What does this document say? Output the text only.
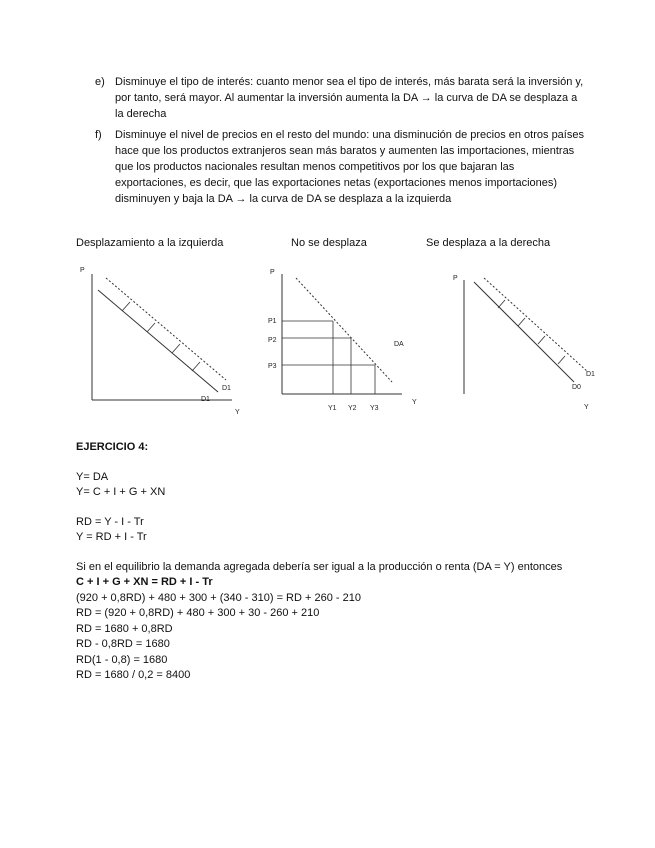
e) Disminuye el tipo de interés: cuanto menor sea el tipo de interés, más barata será la inversión y, por tanto, será mayor. Al aumentar la inversión aumenta la DA → la curva de DA se desplaza a la derecha
f) Disminuye el nivel de precios en el resto del mundo: una disminución de precios en otros países hace que los productos extranjeros sean más baratos y aumenten las importaciones, mientras que los productos nacionales resultan menos competitivos por los que bajaran las exportaciones, es decir, que las exportaciones netas (exportaciones menos importaciones) disminuyen y baja la DA → la curva de DA se desplaza a la izquierda
Desplazamiento a la izquierda	No se desplaza	Se desplaza a la derecha
P
D1
D1
Y
P
P1
P2
P3
DA
Y1 Y2 Y3
Y
P
D1
D0
Y
EJERCICIO 4:
Y= DA
Y= C + I + G + XN
RD = Y - I - Tr
Y = RD + I - Tr
Si en el equilibrio la demanda agregada debería ser igual a la producción o renta (DA = Y) entonces
C + I + G + XN = RD + I - Tr
(920 + 0,8RD) + 480 + 300 + (340 - 310) = RD + 260 - 210
RD = (920 + 0,8RD) + 480 + 300 + 30 - 260 + 210
RD = 1680 + 0,8RD
RD - 0,8RD = 1680
RD(1 - 0,8) = 1680
RD = 1680 / 0,2 = 8400
